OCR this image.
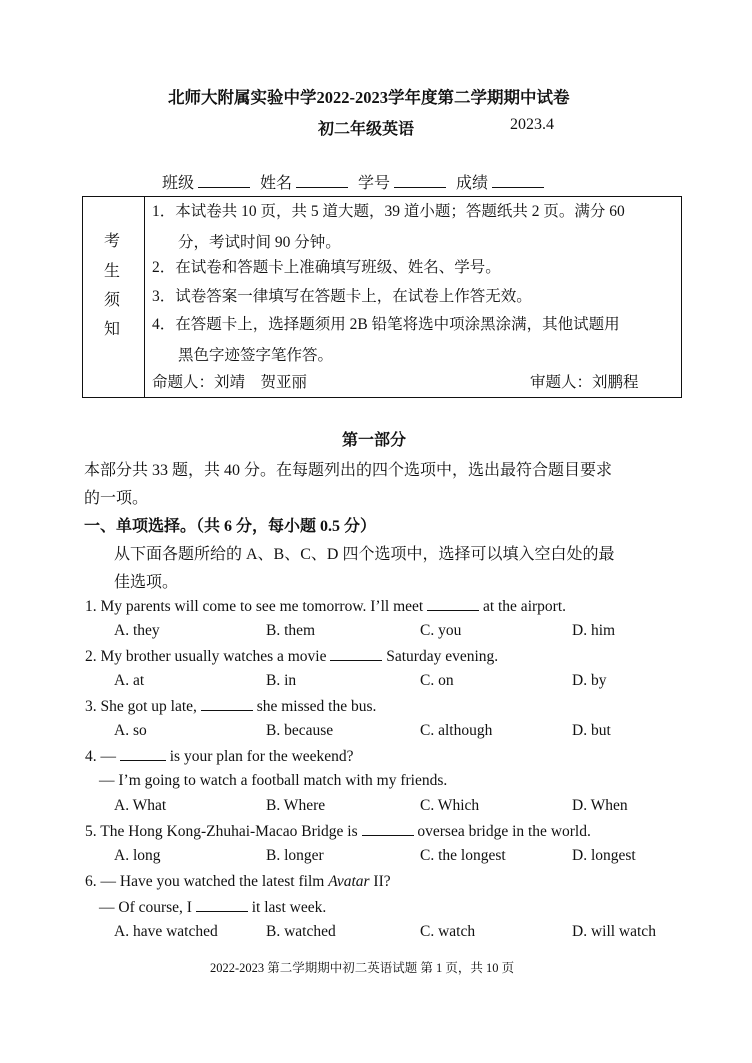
北师大附属实验中学2022-2023学年度第二学期期中试卷
初二年级英语	2023.4
班级	姓名	学号	成绩
考
生
须
知
1．本试卷共 10 页，共 5 道大题，39 道小题；答题纸共 2 页。满分 60
分，考试时间 90 分钟。
2．在试卷和答题卡上准确填写班级、姓名、学号。
3．试卷答案一律填写在答题卡上，在试卷上作答无效。
4．在答题卡上，选择题须用 2B 铅笔将选中项涂黑涂满，其他试题用
黑色字迹签字笔作答。
命题人：刘靖　贺亚丽	审题人：刘鹏程
第一部分
本部分共 33 题，共 40 分。在每题列出的四个选项中，选出最符合题目要求
的一项。
一、单项选择。（共 6 分，每小题 0.5 分）
从下面各题所给的 A、B、C、D 四个选项中，选择可以填入空白处的最
佳选项。
1. My parents will come to see me tomorrow. I’ll meet	at the airport.
A. they	B. them	C. you	D. him
2. My brother usually watches a movie	Saturday evening.
A. at	B. in	C. on	D. by
3. She got up late,	she missed the bus.
A. so	B. because	C. although	D. but
4. —	is your plan for the weekend?
— I’m going to watch a football match with my friends.
A. What	B. Where	C. Which	D. When
5. The Hong Kong-Zhuhai-Macao Bridge is	oversea bridge in the world.
A. long	B. longer	C. the longest	D. longest
6. — Have you watched the latest film Avatar II?
— Of course, I	it last week.
A. have watched	B. watched	C. watch	D. will watch
2022-2023 第二学期期中初二英语试题 第 1 页，共 10 页
